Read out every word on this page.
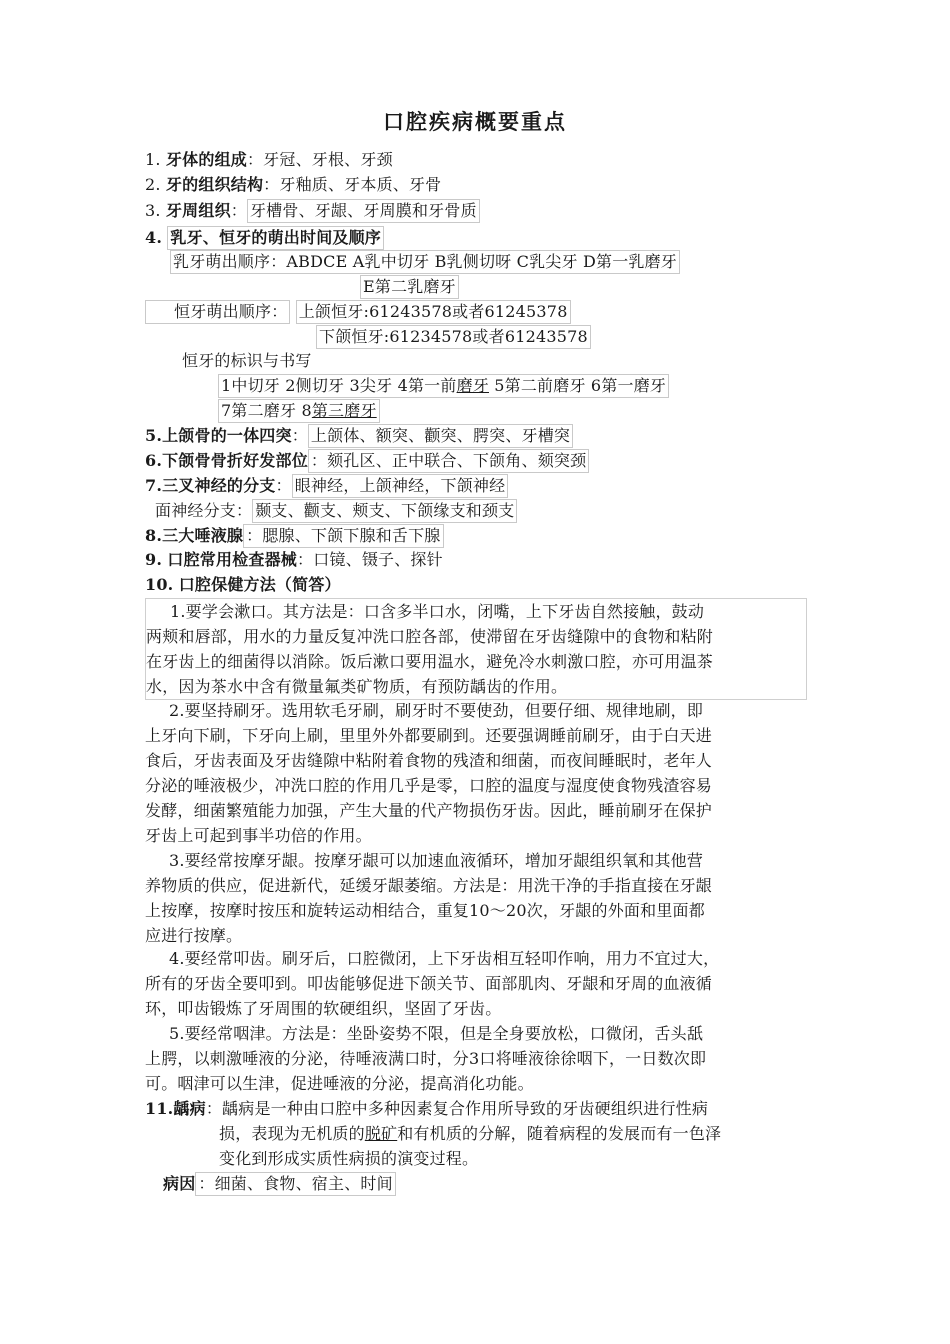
口腔疾病概要重点
1. 牙体的组成：牙冠、牙根、牙颈
2. 牙的组织结构：牙釉质、牙本质、牙骨
3. 牙周组织： 牙槽骨、牙龈、牙周膜和牙骨质
4. 乳牙、恒牙的萌出时间及顺序
乳牙萌出顺序：ABDCE A乳中切牙 B乳侧切呀 C乳尖牙 D第一乳磨牙
E第二乳磨牙
恒牙萌出顺序： 上颌恒牙:61243578或者61245378
下颌恒牙:61234578或者61243578
恒牙的标识与书写
1中切牙 2侧切牙 3尖牙 4第一前磨牙 5第二前磨牙 6第一磨牙
7第二磨牙 8第三磨牙
5.上颌骨的一体四突： 上颌体、额突、颧突、腭突、牙槽突
6.下颌骨骨折好发部位 ：颏孔区、正中联合、下颌角、颏突颈
7.三叉神经的分支： 眼神经，上颌神经，下颌神经
面神经分支： 颞支、颧支、颊支、下颌缘支和颈支
8.三大唾液腺 ：腮腺、下颌下腺和舌下腺
9. 口腔常用检查器械：口镜、镊子、探针
10. 口腔保健方法（简答）
1.要学会漱口。其方法是：口含多半口水，闭嘴，上下牙齿自然接触，鼓动
两颊和唇部，用水的力量反复冲洗口腔各部，使滞留在牙齿缝隙中的食物和粘附
在牙齿上的细菌得以消除。饭后漱口要用温水，避免冷水刺激口腔，亦可用温茶
水，因为茶水中含有微量氟类矿物质，有预防龋齿的作用。
2.要坚持刷牙。选用软毛牙刷，刷牙时不要使劲，但要仔细、规律地刷，即
上牙向下刷，下牙向上刷，里里外外都要刷到。还要强调睡前刷牙，由于白天进
食后，牙齿表面及牙齿缝隙中粘附着食物的残渣和细菌，而夜间睡眠时，老年人
分泌的唾液极少，冲洗口腔的作用几乎是零，口腔的温度与湿度使食物残渣容易
发酵，细菌繁殖能力加强，产生大量的代产物损伤牙齿。因此，睡前刷牙在保护
牙齿上可起到事半功倍的作用。
3.要经常按摩牙龈。按摩牙龈可以加速血液循环，增加牙龈组织氧和其他营
养物质的供应，促进新代，延缓牙龈萎缩。方法是：用洗干净的手指直接在牙龈
上按摩，按摩时按压和旋转运动相结合，重复10～20次，牙龈的外面和里面都
应进行按摩。
4.要经常叩齿。刷牙后，口腔微闭，上下牙齿相互轻叩作响，用力不宜过大，
所有的牙齿全要叩到。叩齿能够促进下颌关节、面部肌肉、牙龈和牙周的血液循
环，叩齿锻炼了牙周围的软硬组织，坚固了牙齿。
5.要经常咽津。方法是：坐卧姿势不限，但是全身要放松，口微闭，舌头舐
上腭，以刺激唾液的分泌，待唾液满口时，分3口将唾液徐徐咽下，一日数次即
可。咽津可以生津，促进唾液的分泌，提高消化功能。
11.龋病：龋病是一种由口腔中多种因素复合作用所导致的牙齿硬组织进行性病
损，表现为无机质的脱矿和有机质的分解，随着病程的发展而有一色泽
变化到形成实质性病损的演变过程。
病因 ：细菌、食物、宿主、时间
